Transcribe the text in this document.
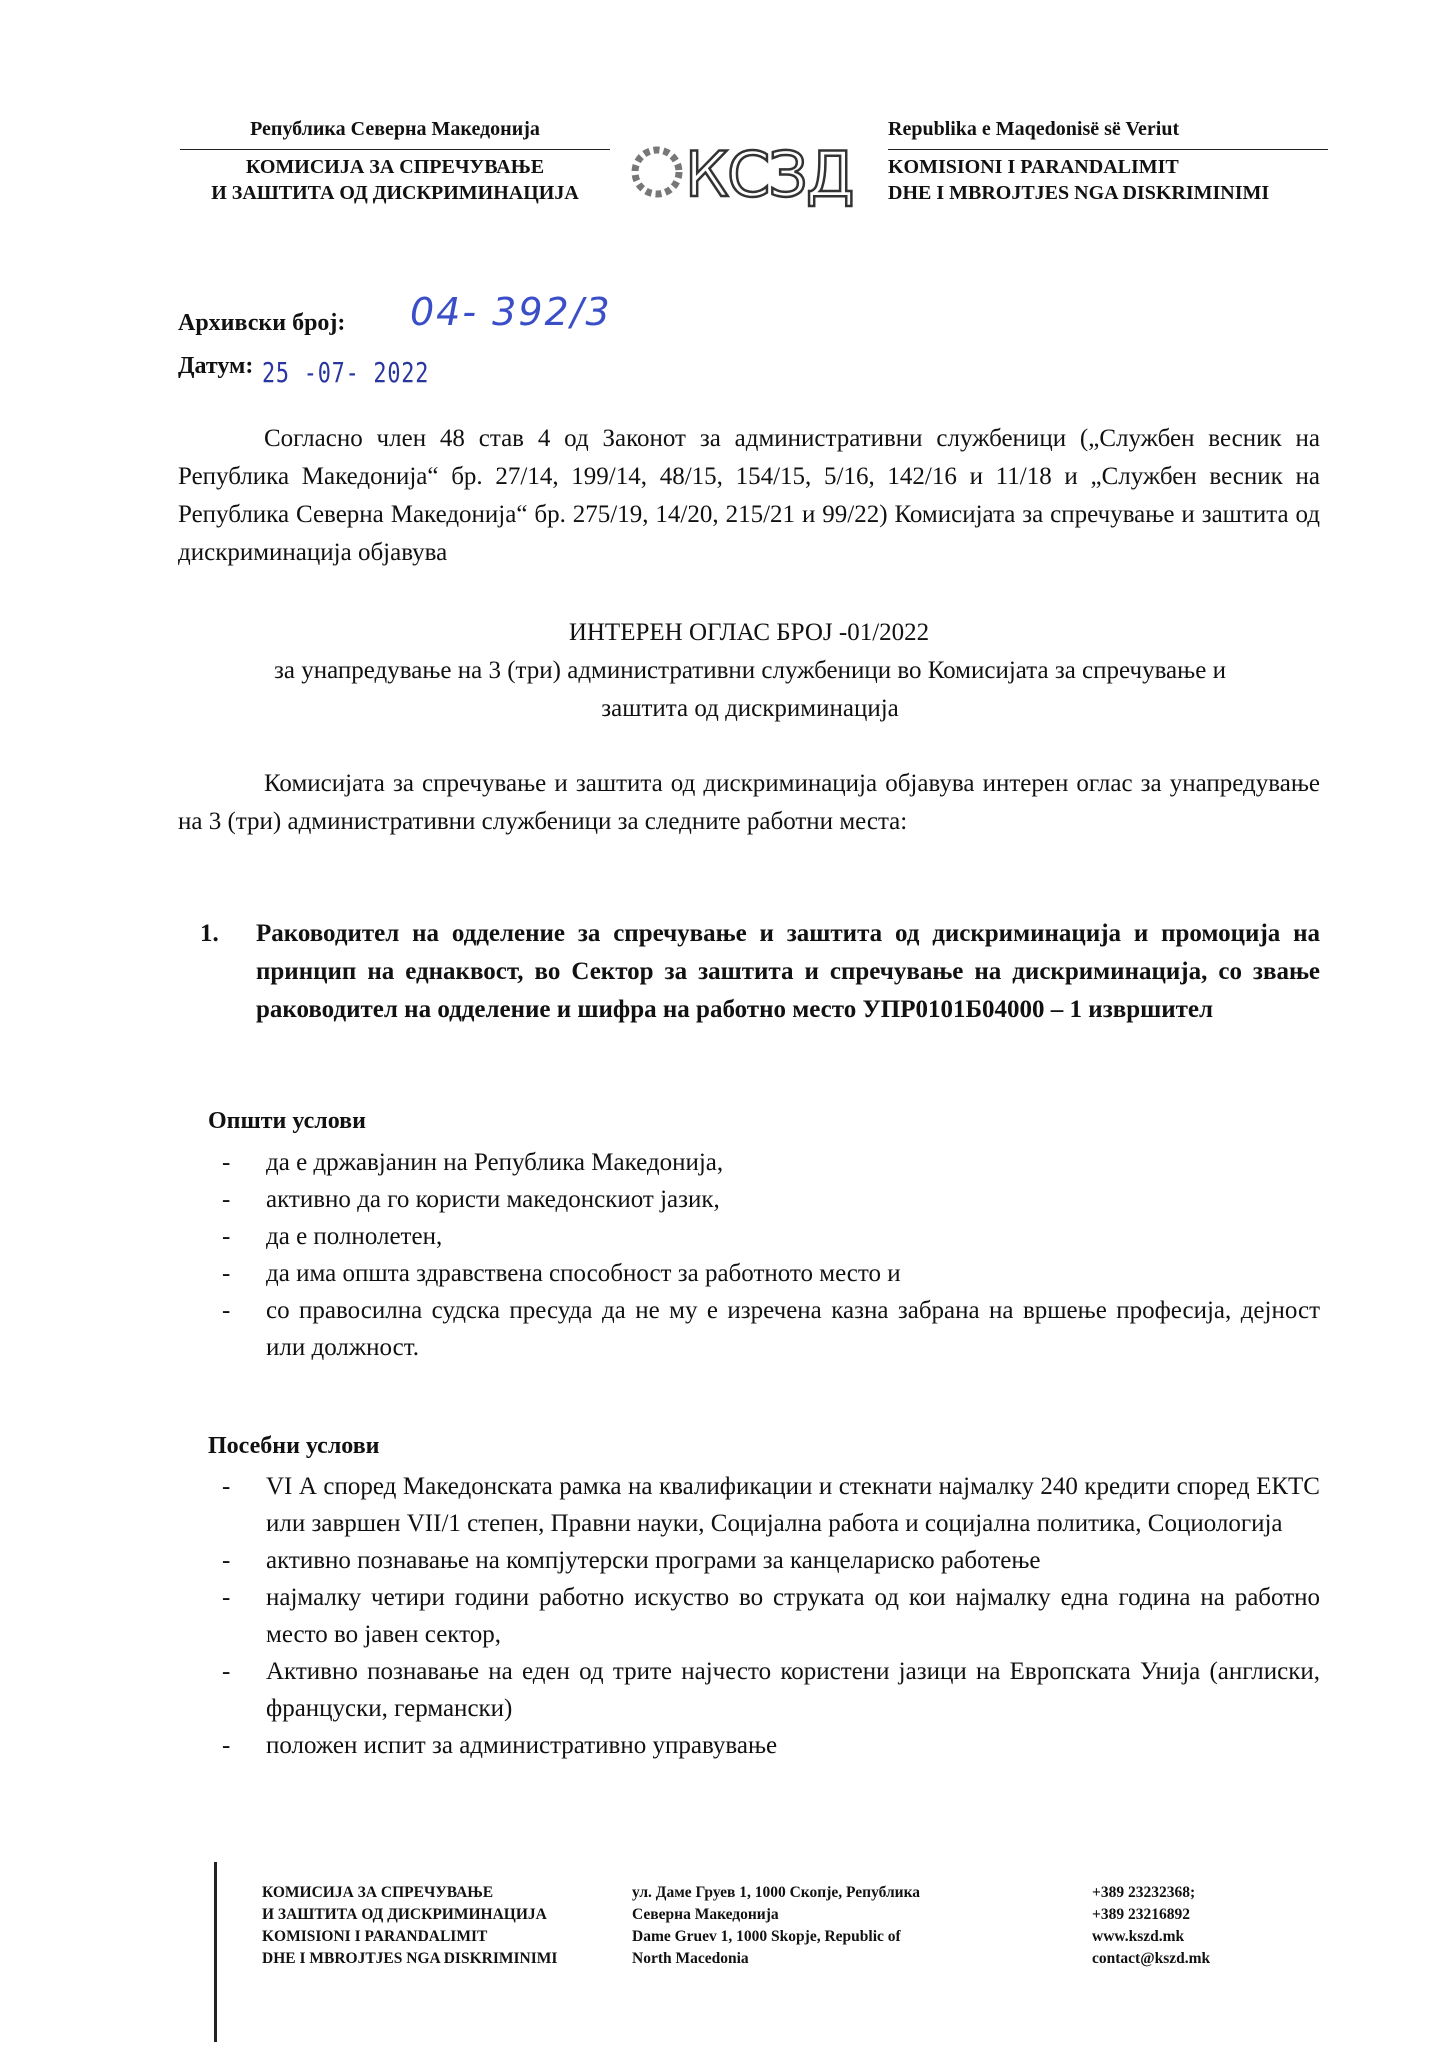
Република Северна Македонија
КОМИСИЈА ЗА СПРЕЧУВАЊЕ
И ЗАШТИТА ОД ДИСКРИМИНАЦИЈА	КСЗД
Republika e Maqedonisë së Veriut
KOMISIONI I PARANDALIMIT
DHE I MBROJTJES NGA DISKRIMINIMI
Архивски број: 04- 392/3
Датум: 25 -07- 2022
Согласно член 48 став 4 од Законот за административни службеници („Службен весник на Република Македонија“ бр. 27/14, 199/14, 48/15, 154/15, 5/16, 142/16 и 11/18 и „Службен весник на Република Северна Македонија“ бр. 275/19, 14/20, 215/21 и 99/22) Комисијата за спречување и заштита од дискриминација објавува
ИНТЕРЕН ОГЛАС БРОЈ -01/2022
за унапредување на 3 (три) административни службеници во Комисијата за спречување и заштита од дискриминација
Комисијата за спречување и заштита од дискриминација објавува интерен оглас за унапредување на 3 (три) административни службеници за следните работни места:
1. Раководител на одделение за спречување и заштита од дискриминација и промоција на принцип на еднаквост, во Сектор за заштита и спречување на дискриминација, со звање раководител на одделение и шифра на работно место УПР0101Б04000 – 1 извршител
Општи услови
- да е државјанин на Република Македонија,
- активно да го користи македонскиот јазик,
- да е полнолетен,
- да има општа здравствена способност за работното место и
- со правосилна судска пресуда да не му е изречена казна забрана на вршење професија, дејност или должност.
Посебни услови
- VI А според Македонската рамка на квалификации и стекнати најмалку 240 кредити според ЕКТС или завршен VII/1 степен, Правни науки, Социјална работа и социјална политика, Социологија
- активно познавање на компјутерски програми за канцелариско работење
- најмалку четири години работно искуство во струката од кои најмалку една година на работно место во јавен сектор,
- Активно познавање на еден од трите најчесто користени јазици на Европската Унија (англиски, француски, германски)
- положен испит за административно управување
КОМИСИЈА ЗА СПРЕЧУВАЊЕ
И ЗАШТИТА ОД ДИСКРИМИНАЦИЈА
KOMISIONI I PARANDALIMIT
DHE I MBROJTJES NGA DISKRIMINIMI
ул. Даме Груев 1, 1000 Скопје, Република
Северна Македонија
Dame Gruev 1, 1000 Skopje, Republic of
North Macedonia
+389 23232368;
+389 23216892
www.kszd.mk
contact@kszd.mk
